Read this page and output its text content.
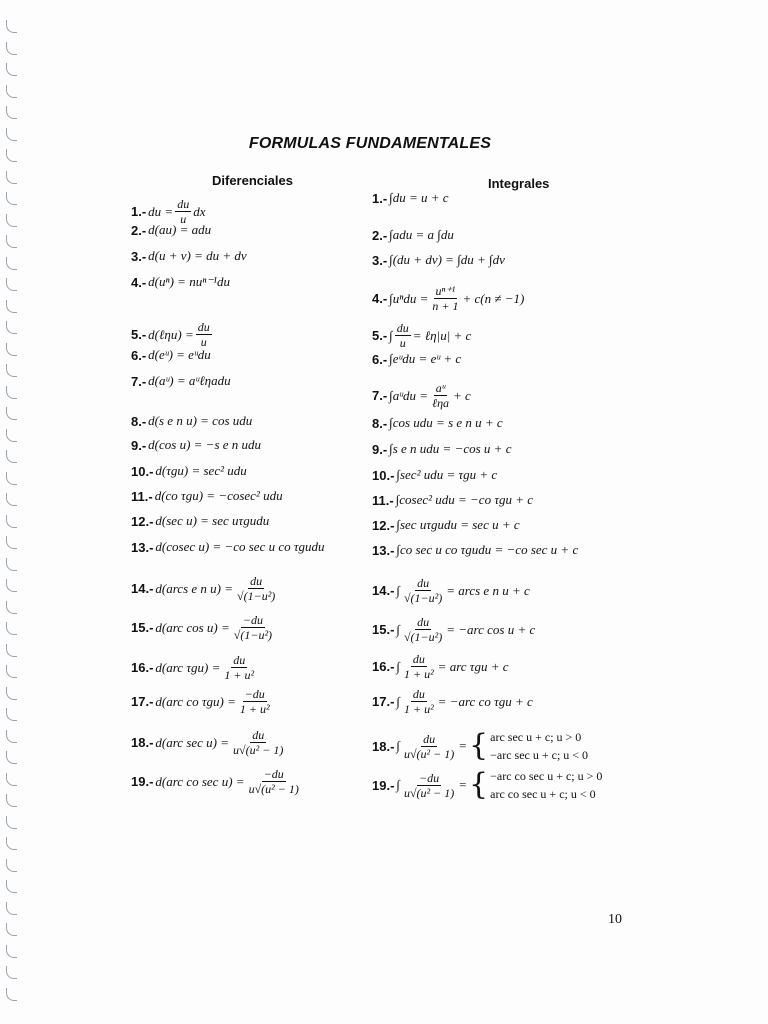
FORMULAS FUNDAMENTALES
Diferenciales	Integrales
1.- du = $\frac{du}{u}$ dx
2.- d(au) = adu
3.- d(u + v) = du + dv
4.- d(uⁿ) = nuⁿ⁻¹du
5.- d(ℓηu) = $\frac{du}{u}$
6.- d(eᵘ) = eᵘdu
7.- d(aᵘ) = aᵘℓηadu
8.- d(s e n u) = cos udu
9.- d(cos u) = −s e n udu
10.- d(τgu) = sec² udu
11.- d(co τgu) = −cosec² udu
12.- d(sec u) = sec uτgudu
13.- d(cosec u) = −co sec u co τgudu
14.- d(arcs e n $u) = \frac{du}{\text{√(1−u²)}}$
15.- d(arc $\cos u) = \frac{-du}{\text{√(1−u²)}}$
16.- d(arc $\tau gu) = \frac{du}{\text{1 + u²}}$
17.- d(arc co $\tau gu) = \frac{-du}{\text{1 + u²}}$
18.- d(arc $\sec u) = \frac{du}{\text{u√(u² − 1)}}$
19.- d(arc co $\sec u) = \frac{-du}{\text{u√(u² − 1)}}$
1.- ∫du = u + c
2.- ∫adu = a ∫du
3.- ∫(du + dv) = ∫du + ∫dv
4.- $\int u^ndu = \frac{\text{uⁿ⁺¹}}{n + 1} + c(n \ne -1)$
5.- ∫ $\frac{du}{u}$ = ℓη|u| + c
6.- ∫eᵘdu = eᵘ + c
7.- ∫aᵘdu = $\frac{\text{aᵘ}}{\text{ℓηa}} + c$
8.- ∫cos udu = s e n u + c
9.- ∫s e n udu = −cos u + c
10.- ∫sec² udu = τgu + c
11.- ∫cosec² udu = −co τgu + c
12.- ∫sec uτgudu = sec u + c
13.- ∫co sec u co τgudu = −co sec u + c
14.- ∫ $\frac{du}{\text{√(1−u²)}}$ = arcs e n u + c
15.- ∫ $\frac{du}{\text{√(1−u²)}} = -arc$ cos u + c
16.- ∫ $\frac{du}{\text{1 + u²}}$ = arc τgu + c
17.- ∫ $\frac{du}{\text{1 + u²}} = -arc$ co τgu + c
18.- ∫ $\frac{du}{\text{u√(u² − 1)}}$ = { arc sec u + c; u > 0
−arc sec u + c; u < 0
19.- ∫ $\frac{-du}{\text{u√(u² − 1)}}$ = { −arc co sec u + c; u > 0
arc co sec u + c; u < 0
10
